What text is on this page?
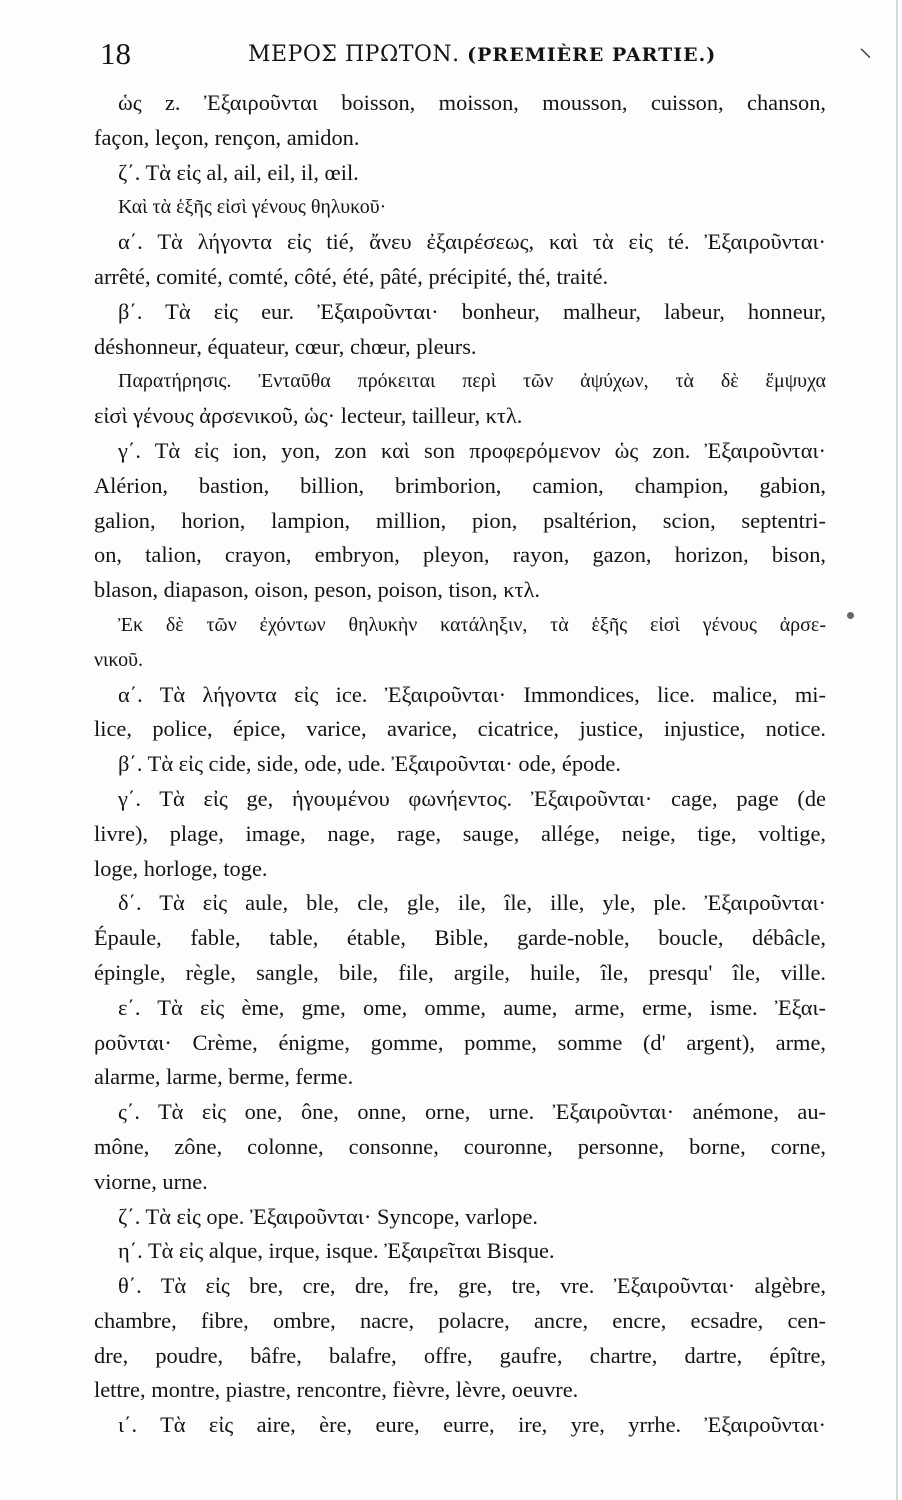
⸜
18	ΜΕΡΟΣ ΠΡΩΤΟΝ. (PREMIÈRE PARTIE.)
ὡς z. Ἐξαιροῦνται boisson, moisson, mousson, cuisson, chanson,
façon, leçon, rençon, amidon.
ζ΄. Τὰ εἰς al, ail, eil, il, œil.
Καὶ τὰ ἑξῆς εἰσὶ γένους θηλυκοῦ·
α΄. Τὰ λήγοντα εἰς tié, ἄνευ ἐξαιρέσεως, καὶ τὰ εἰς té. Ἐξαιροῦνται·
arrêté, comité, comté, côté, été, pâté, précipité, thé, traité.
β΄. Τὰ εἰς eur. Ἐξαιροῦνται· bonheur, malheur, labeur, honneur,
déshonneur, équateur, cœur, chœur, pleurs.
Παρατήρησις. Ἐνταῦθα πρόκειται περὶ τῶν ἀψύχων, τὰ δὲ ἔμψυχα
εἰσὶ γένους ἀρσενικοῦ, ὡς· lecteur, tailleur, κτλ.
γ΄. Τὰ εἰς ion, yon, zon καὶ son προφερόμενον ὡς zon. Ἐξαιροῦνται·
Alérion, bastion, billion, brimborion, camion, champion, gabion,
galion, horion, lampion, million, pion, psaltérion, scion, septentri-
on, talion, crayon, embryon, pleyon, rayon, gazon, horizon, bison,
blason, diapason, oison, peson, poison, tison, κτλ.
Ἐκ δὲ τῶν ἐχόντων θηλυκὴν κατάληξιν, τὰ ἑξῆς εἰσὶ γένους ἀρσε-
νικοῦ.
α΄. Τὰ λήγοντα εἰς ice. Ἐξαιροῦνται· Immondices, lice. malice, mi-
lice, police, épice, varice, avarice, cicatrice, justice, injustice, notice.
β΄. Τὰ εἰς cide, side, ode, ude. Ἐξαιροῦνται· ode, épode.
γ΄. Τὰ εἰς ge, ἡγουμένου φωνήεντος. Ἐξαιροῦνται· cage, page (de
livre), plage, image, nage, rage, sauge, allége, neige, tige, voltige,
loge, horloge, toge.
δ΄. Τὰ εἰς aule, ble, cle, gle, ile, île, ille, yle, ple. Ἐξαιροῦνται·
Épaule, fable, table, étable, Bible, garde-noble, boucle, débâcle,
épingle, règle, sangle, bile, file, argile, huile, île, presqu' île, ville.
ε΄. Τὰ εἰς ème, gme, ome, omme, aume, arme, erme, isme. Ἐξαι-
ροῦνται· Crème, énigme, gomme, pomme, somme (d' argent), arme,
alarme, larme, berme, ferme.
ς΄. Τὰ εἰς one, ône, onne, orne, urne. Ἐξαιροῦνται· anémone, au-
mône, zône, colonne, consonne, couronne, personne, borne, corne,
viorne, urne.
ζ΄. Τὰ εἰς ope. Ἐξαιροῦνται· Syncope, varlope.
η΄. Τὰ εἰς alque, irque, isque. Ἐξαιρεῖται Bisque.
θ΄. Τὰ εἰς bre, cre, dre, fre, gre, tre, vre. Ἐξαιροῦνται· algèbre,
chambre, fibre, ombre, nacre, polacre, ancre, encre, ecsadre, cen-
dre, poudre, bâfre, balafre, offre, gaufre, chartre, dartre, épître,
lettre, montre, piastre, rencontre, fièvre, lèvre, oeuvre.
ι΄. Τὰ εἰς aire, ère, eure, eurre, ire, yre, yrrhe. Ἐξαιροῦνται·
